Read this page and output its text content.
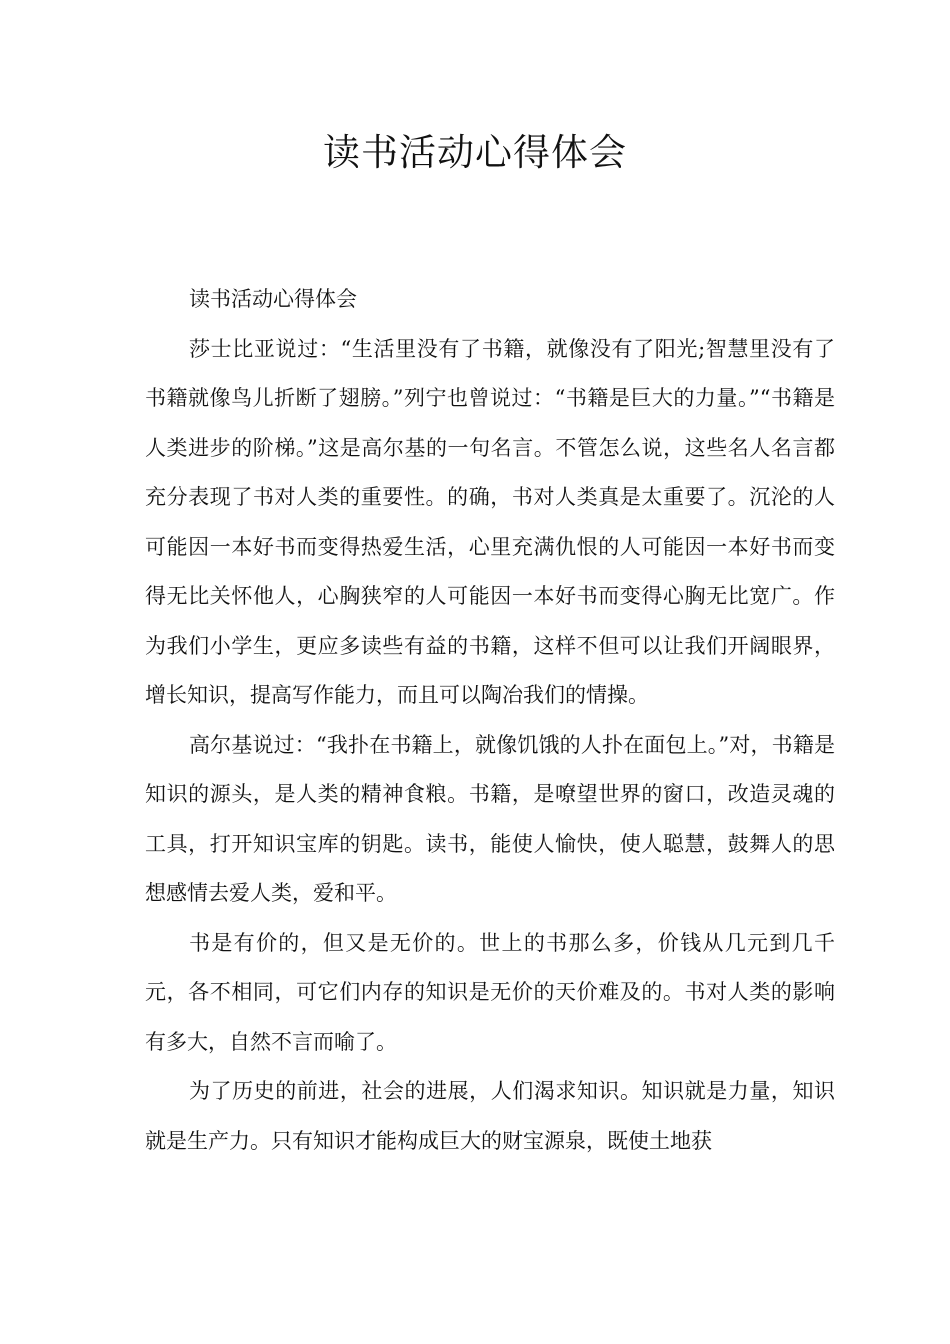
读书活动心得体会

读书活动心得体会

莎士比亚说过：“生活里没有了书籍，就像没有了阳光;智慧里没有了书籍就像鸟儿折断了翅膀。”列宁也曾说过：“书籍是巨大的力量。”“书籍是人类进步的阶梯。”这是高尔基的一句名言。不管怎么说，这些名人名言都充分表现了书对人类的重要性。的确，书对人类真是太重要了。沉沦的人可能因一本好书而变得热爱生活，心里充满仇恨的人可能因一本好书而变得无比关怀他人，心胸狭窄的人可能因一本好书而变得心胸无比宽广。作为我们小学生，更应多读些有益的书籍，这样不但可以让我们开阔眼界，增长知识，提高写作能力，而且可以陶冶我们的情操。

高尔基说过：“我扑在书籍上，就像饥饿的人扑在面包上。”对，书籍是知识的源头，是人类的精神食粮。书籍，是嘹望世界的窗口，改造灵魂的工具，打开知识宝库的钥匙。读书，能使人愉快，使人聪慧，鼓舞人的思想感情去爱人类，爱和平。

书是有价的，但又是无价的。世上的书那么多，价钱从几元到几千元，各不相同，可它们内存的知识是无价的天价难及的。书对人类的影响有多大，自然不言而喻了。

为了历史的前进，社会的进展，人们渴求知识。知识就是力量，知识就是生产力。只有知识才能构成巨大的财宝源泉，既使土地获
